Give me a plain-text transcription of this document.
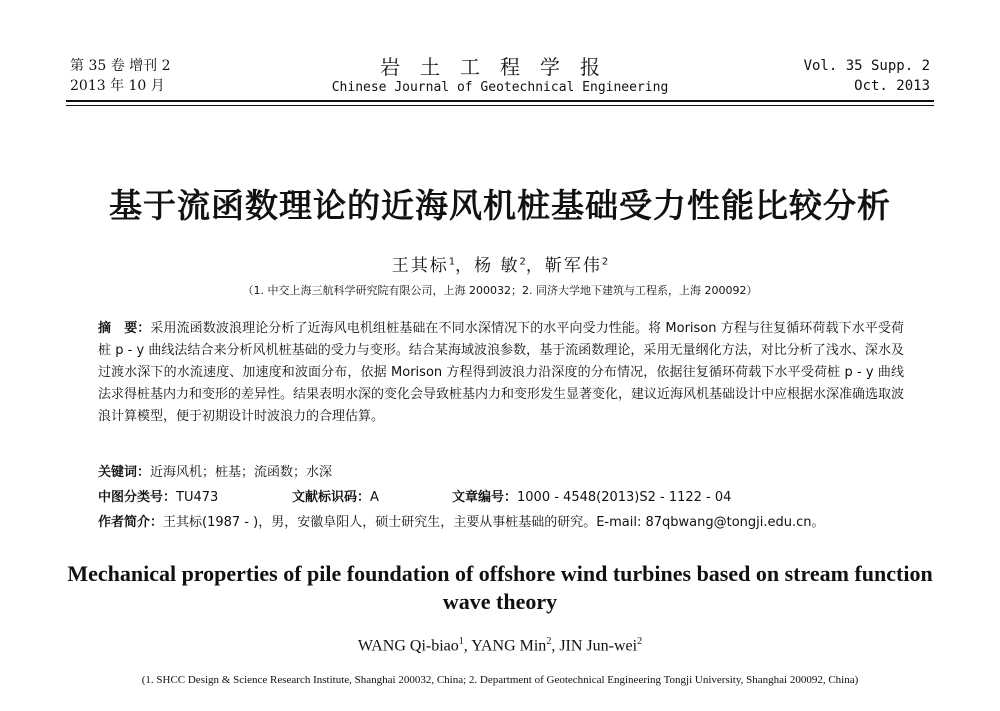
第 35 卷 增刊 2
2013 年 10 月
岩土工程学报
Chinese Journal of Geotechnical Engineering
Vol. 35 Supp. 2
Oct. 2013
基于流函数理论的近海风机桩基础受力性能比较分析
王其标$^1$，杨 敏$^2$，靳军伟$^2$
（1. 中交上海三航科学研究院有限公司，上海 200032；2. 同济大学地下建筑与工程系，上海 200092）
摘　要：采用流函数波浪理论分析了近海风电机组桩基础在不同水深情况下的水平向受力性能。将 Morison 方程与往复循环荷载下水平受荷桩 p - y 曲线法结合来分析风机桩基础的受力与变形。结合某海域波浪参数，基于流函数理论，采用无量纲化方法，对比分析了浅水、深水及过渡水深下的水流速度、加速度和波面分布，依据 Morison 方程得到波浪力沿深度的分布情况，依据往复循环荷载下水平受荷桩 p - y 曲线法求得桩基内力和变形的差异性。结果表明水深的变化会导致桩基内力和变形发生显著变化，建议近海风机基础设计中应根据水深准确选取波浪计算模型，便于初期设计时波浪力的合理估算。
关键词：近海风机；桩基；流函数；水深
中图分类号：TU473	文献标识码：A	文章编号：1000 - 4548(2013)S2 - 1122 - 04
作者简介：王其标(1987 - )，男，安徽阜阳人，硕士研究生，主要从事桩基础的研究。E-mail: 87qbwang@tongji.edu.cn。
Mechanical properties of pile foundation of offshore wind turbines based on stream function wave theory
WANG Qi-biao$^1$, YANG Min$^2$, JIN Jun-wei$^2$
(1. SHCC Design & Science Research Institute, Shanghai 200032, China; 2. Department of Geotechnical Engineering Tongji University, Shanghai 200092, China)
